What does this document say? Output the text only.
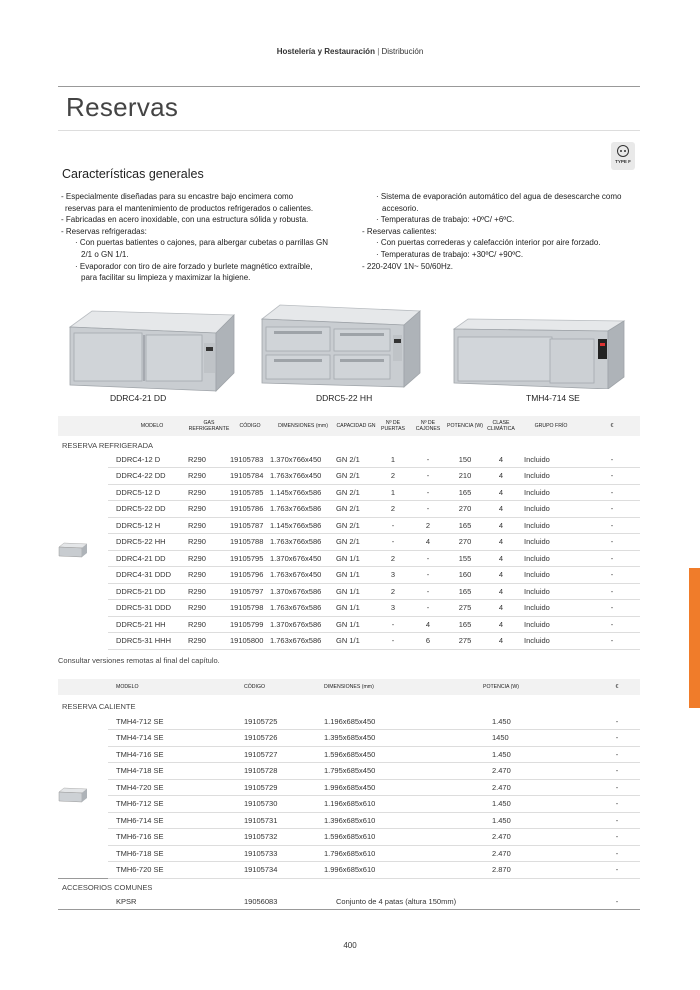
Hostelería y Restauración | Distribución
Reservas
TYPE F
Características generales
- Especialmente diseñadas para su encastre bajo encimera como
reservas para el mantenimiento de productos refrigerados o calientes.
- Fabricadas en acero inoxidable, con una estructura sólida y robusta.
- Reservas refrigeradas:
· Con puertas batientes o cajones, para albergar cubetas o parrillas GN
2/1 o GN 1/1.
· Evaporador con tiro de aire forzado y burlete magnético extraíble,
para facilitar su limpieza y maximizar la higiene.
· Sistema de evaporación automático del agua de desescarche como
accesorio.
· Temperaturas de trabajo: +0ºC/ +6ºC.
- Reservas calientes:
· Con puertas correderas y calefacción interior por aire forzado.
· Temperaturas de trabajo: +30ºC/ +90ºC.
- 220-240V 1N~ 50/60Hz.
DDRC4-21 DD	DDRC5-22 HH	TMH4-714 SE
	MODELO	GAS REFRIGERANTE	CÓDIGO	DIMENSIONES (mm)	CAPACIDAD GN	Nº DE PUERTAS	Nº DE CAJONES	POTENCIA (W)	CLASE CLIMÁTICA	GRUPO FRÍO	€
RESERVA REFRIGERADA											

	DDRC4-12 D	R290	19105783	1.370x766x450	GN 2/1	1	-	150	4	Incluido	-
	DDRC4-22 DD	R290	19105784	1.763x766x450	GN 2/1	2	-	210	4	Incluido	-
	DDRC5-12 D	R290	19105785	1.145x766x586	GN 2/1	1	-	165	4	Incluido	-
	DDRC5-22 DD	R290	19105786	1.763x766x586	GN 2/1	2	-	270	4	Incluido	-
	DDRC5-12 H	R290	19105787	1.145x766x586	GN 2/1	-	2	165	4	Incluido	-
	DDRC5-22 HH	R290	19105788	1.763x766x586	GN 2/1	-	4	270	4	Incluido	-
	DDRC4-21 DD	R290	19105795	1.370x676x450	GN 1/1	2	-	155	4	Incluido	-
	DDRC4-31 DDD	R290	19105796	1.763x676x450	GN 1/1	3	-	160	4	Incluido	-
	DDRC5-21 DD	R290	19105797	1.370x676x586	GN 1/1	2	-	165	4	Incluido	-
	DDRC5-31 DDD	R290	19105798	1.763x676x586	GN 1/1	3	-	275	4	Incluido	-
	DDRC5-21 HH	R290	19105799	1.370x676x586	GN 1/1	-	4	165	4	Incluido	-
	DDRC5-31 HHH	R290	19105800	1.763x676x586	GN 1/1	-	6	275	4	Incluido	-
Consultar versiones remotas al final del capítulo.
	MODELO	CÓDIGO	DIMENSIONES (mm)	POTENCIA (W)	€
RESERVA CALIENTE					

	TMH4-712 SE	19105725	1.196x685x450	1.450	-
	TMH4-714 SE	19105726	1.395x685x450	1450	-
	TMH4-716 SE	19105727	1.596x685x450	1.450	-
	TMH4-718 SE	19105728	1.795x685x450	2.470	-
	TMH4-720 SE	19105729	1.996x685x450	2.470	-
	TMH6-712 SE	19105730	1.196x685x610	1.450	-
	TMH6-714 SE	19105731	1.396x685x610	1.450	-
	TMH6-716 SE	19105732	1.596x685x610	2.470	-
	TMH6-718 SE	19105733	1.796x685x610	2.470	-
	TMH6-720 SE	19105734	1.996x685x610	2.870	-
ACCESORIOS COMUNES					
	KPSR	19056083	Conjunto de 4 patas (altura 150mm)		-
400
